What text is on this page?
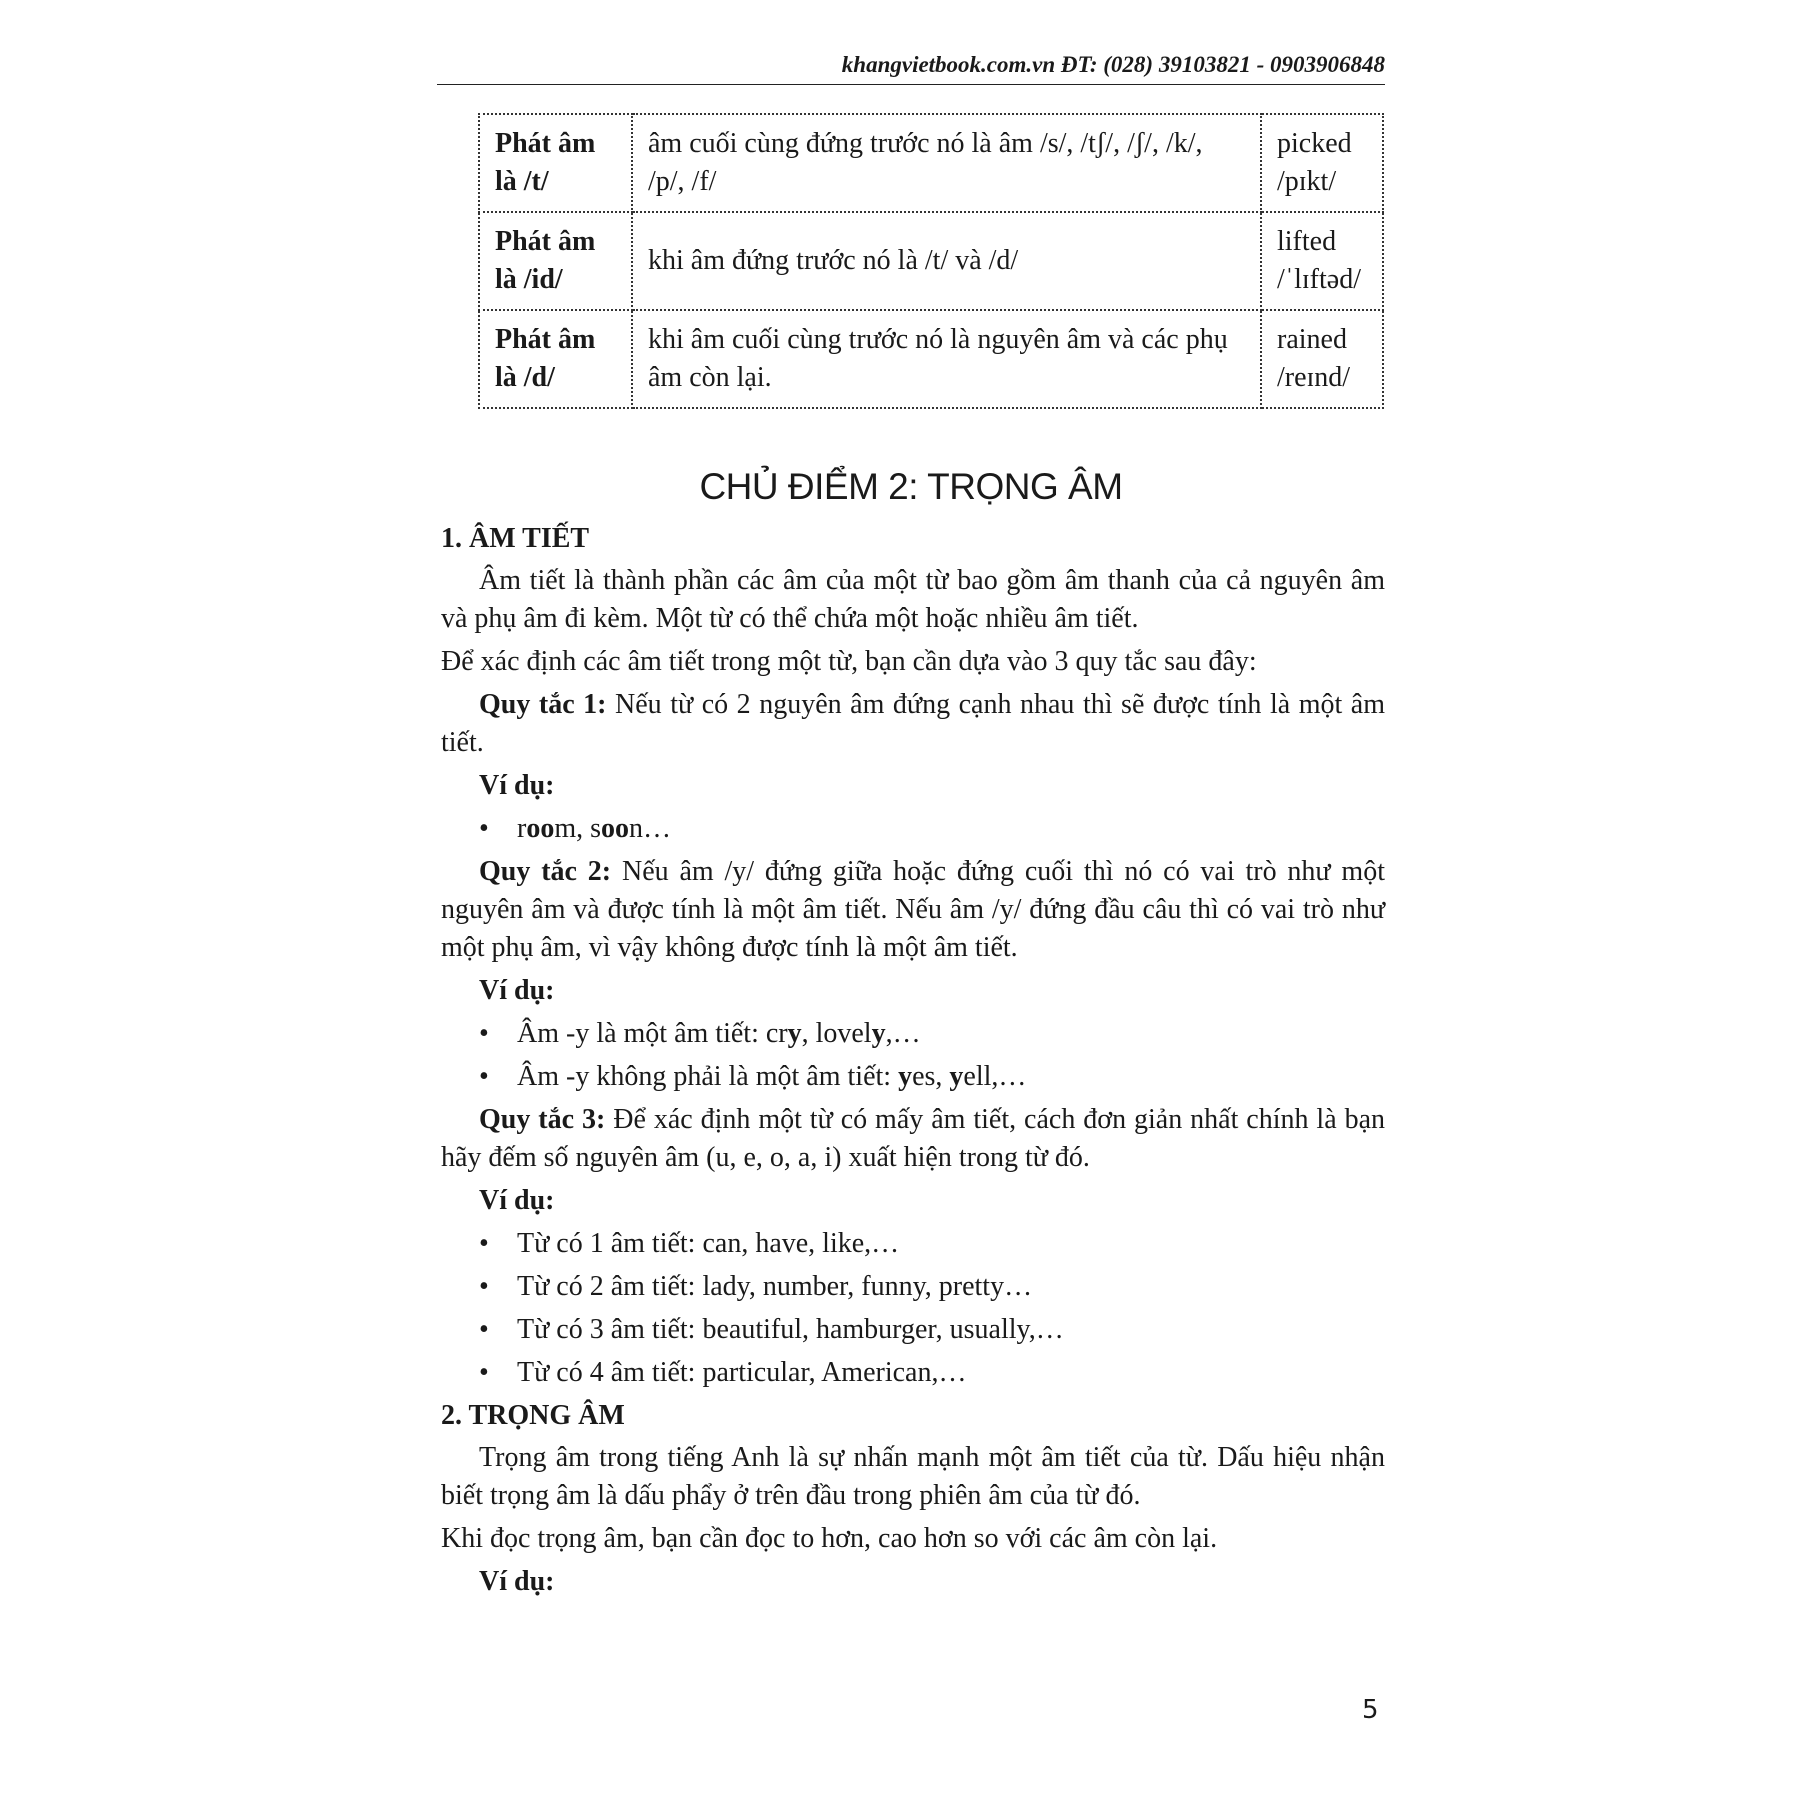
khangvietbook.com.vn ĐT: (028) 39103821 - 0903906848
Phát âm
là /t/	âm cuối cùng đứng trước nó là âm /s/, /tʃ/, /ʃ/, /k/, /p/, /f/	picked
/pɪkt/

Phát âm
là /id/	khi âm đứng trước nó là /t/ và /d/	lifted
/ˈlɪftəd/

Phát âm
là /d/	khi âm cuối cùng trước nó là nguyên âm và các phụ âm còn lại.	rained
/reɪnd/
CHỦ ĐIỂM 2: TRỌNG ÂM

1. ÂM TIẾT

Âm tiết là thành phần các âm của một từ bao gồm âm thanh của cả nguyên âm và phụ âm đi kèm. Một từ có thể chứa một hoặc nhiều âm tiết.

Để xác định các âm tiết trong một từ, bạn cần dựa vào 3 quy tắc sau đây:

Quy tắc 1: Nếu từ có 2 nguyên âm đứng cạnh nhau thì sẽ được tính là một âm tiết.

Ví dụ:

• room, soon…

Quy tắc 2: Nếu âm /y/ đứng giữa hoặc đứng cuối thì nó có vai trò như một nguyên âm và được tính là một âm tiết. Nếu âm /y/ đứng đầu câu thì có vai trò như một phụ âm, vì vậy không được tính là một âm tiết.

Ví dụ:

• Âm -y là một âm tiết: cry, lovely,…
• Âm -y không phải là một âm tiết: yes, yell,…

Quy tắc 3: Để xác định một từ có mấy âm tiết, cách đơn giản nhất chính là bạn hãy đếm số nguyên âm (u, e, o, a, i) xuất hiện trong từ đó.

Ví dụ:

• Từ có 1 âm tiết: can, have, like,…
• Từ có 2 âm tiết: lady, number, funny, pretty…
• Từ có 3 âm tiết: beautiful, hamburger, usually,…
• Từ có 4 âm tiết: particular, American,…

2. TRỌNG ÂM

Trọng âm trong tiếng Anh là sự nhấn mạnh một âm tiết của từ. Dấu hiệu nhận biết trọng âm là dấu phẩy ở trên đầu trong phiên âm của từ đó.

Khi đọc trọng âm, bạn cần đọc to hơn, cao hơn so với các âm còn lại.

Ví dụ:

5
